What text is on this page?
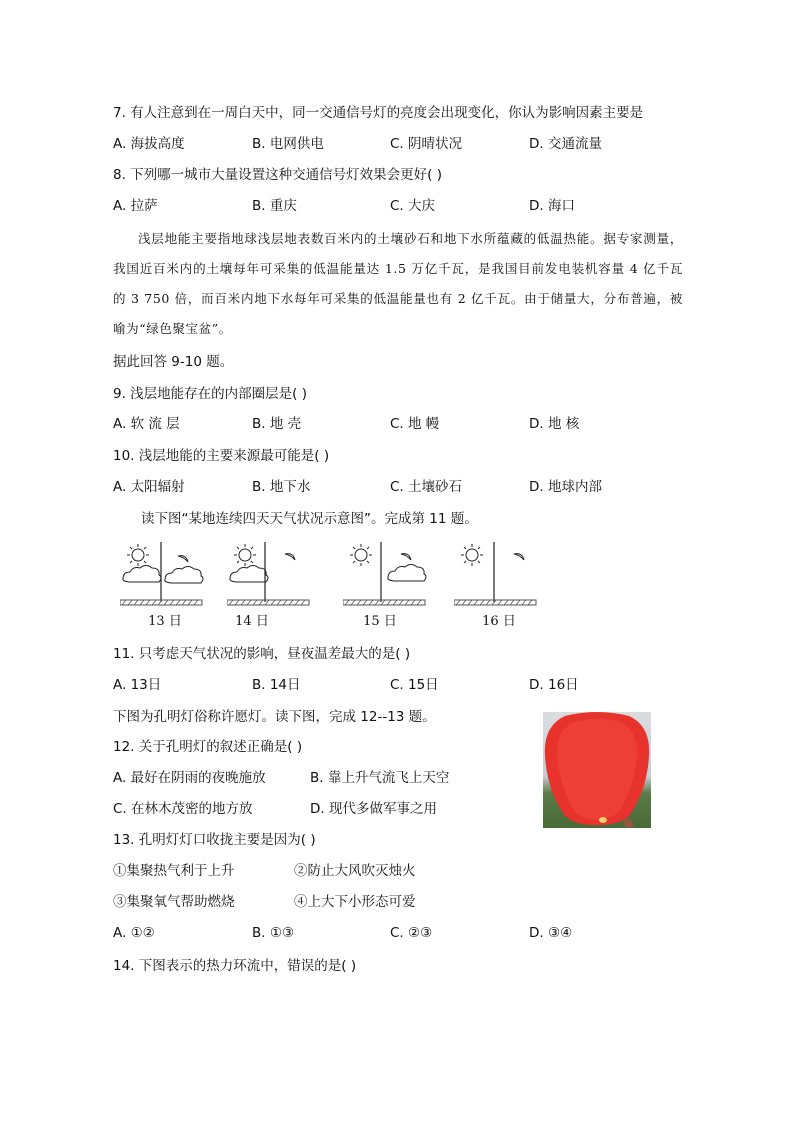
7. 有人注意到在一周白天中，同一交通信号灯的亮度会出现变化，你认为影响因素主要是
A. 海拔高度	B. 电网供电	C. 阴晴状况	D. 交通流量
8. 下列哪一城市大量设置这种交通信号灯效果会更好( )
A. 拉萨	B. 重庆	C. 大庆	D. 海口

浅层地能主要指地球浅层地表数百米内的土壤砂石和地下水所蕴藏的低温热能。据专家测量，我国近百米内的土壤每年可采集的低温能量达 1.5 万亿千瓦，是我国目前发电装机容量 4 亿千瓦的 3 750 倍，而百米内地下水每年可采集的低温能量也有 2 亿千瓦。由于储量大，分布普遍，被喻为“绿色聚宝盆”。

据此回答 9-10 题。
9. 浅层地能存在的内部圈层是( )
A. 软 流 层	B. 地 壳	C. 地 幔	D. 地 核
10. 浅层地能的主要来源最可能是( )
A. 太阳辐射	B. 地下水	C. 土壤砂石	D. 地球内部
读下图“某地连续四天天气状况示意图”。完成第 11 题。
13 日	14 日	15 日	16 日
11. 只考虑天气状况的影响，昼夜温差最大的是( )
A. 13日	B. 14日	C. 15日	D. 16日
下图为孔明灯俗称许愿灯。读下图，完成 12--13 题。
12. 关于孔明灯的叙述正确是( )
A. 最好在阴雨的夜晚施放	B. 靠上升气流飞上天空
C. 在林木茂密的地方放	D. 现代多做军事之用
13. 孔明灯灯口收拢主要是因为( )
①集聚热气利于上升	②防止大风吹灭烛火
③集聚氧气帮助燃烧	④上大下小形态可爱
A. ①②	B. ①③	C. ②③	D. ③④
14. 下图表示的热力环流中，错误的是( )
